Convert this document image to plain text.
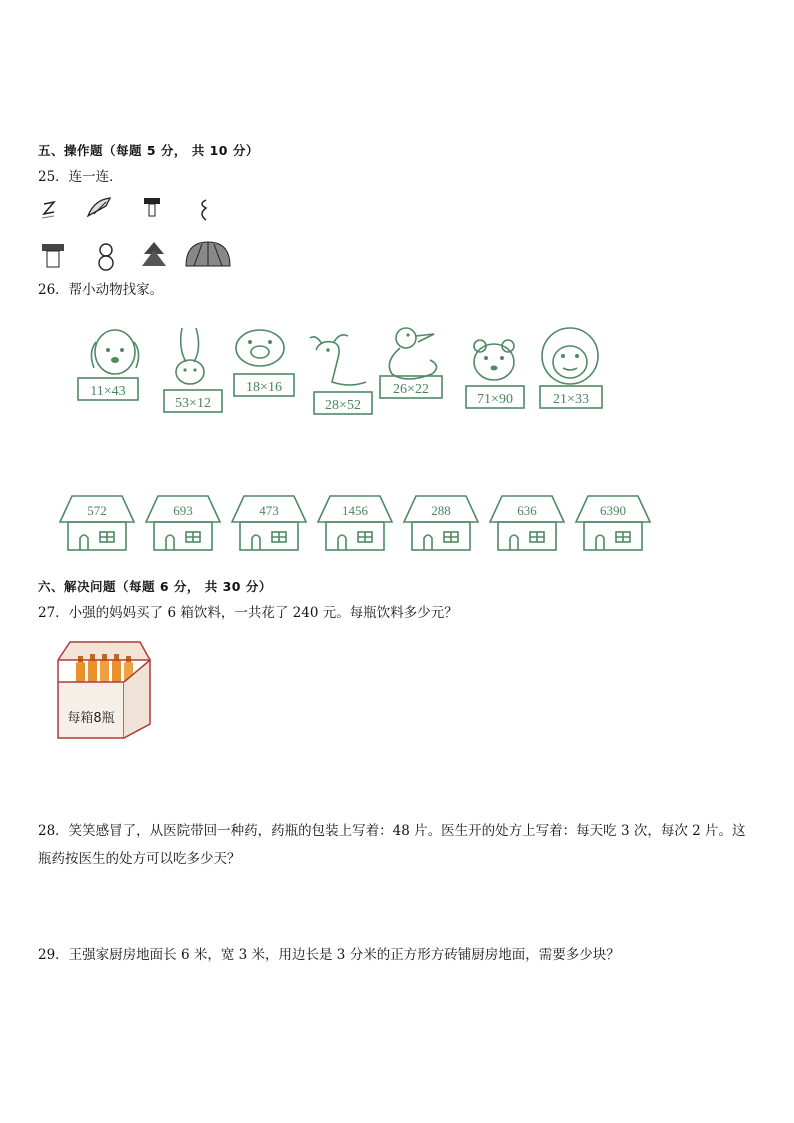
五、操作题（每题 5 分， 共 10 分）
25．连一连．
26．帮小动物找家。
11×43
53×12
18×16
28×52
26×22
71×90	21×33
572	693	473	1456	288	636	6390
六、解决问题（每题 6 分， 共 30 分）
27．小强的妈妈买了 6 箱饮料，一共花了 240 元。每瓶饮料多少元？
每箱8瓶
28．笑笑感冒了，从医院带回一种药，药瓶的包装上写着：48 片。医生开的处方上写着：每天吃 3 次，每次 2 片。这瓶药按医生的处方可以吃多少天？
29．王强家厨房地面长 6 米，宽 3 米，用边长是 3 分米的正方形方砖铺厨房地面，需要多少块？
